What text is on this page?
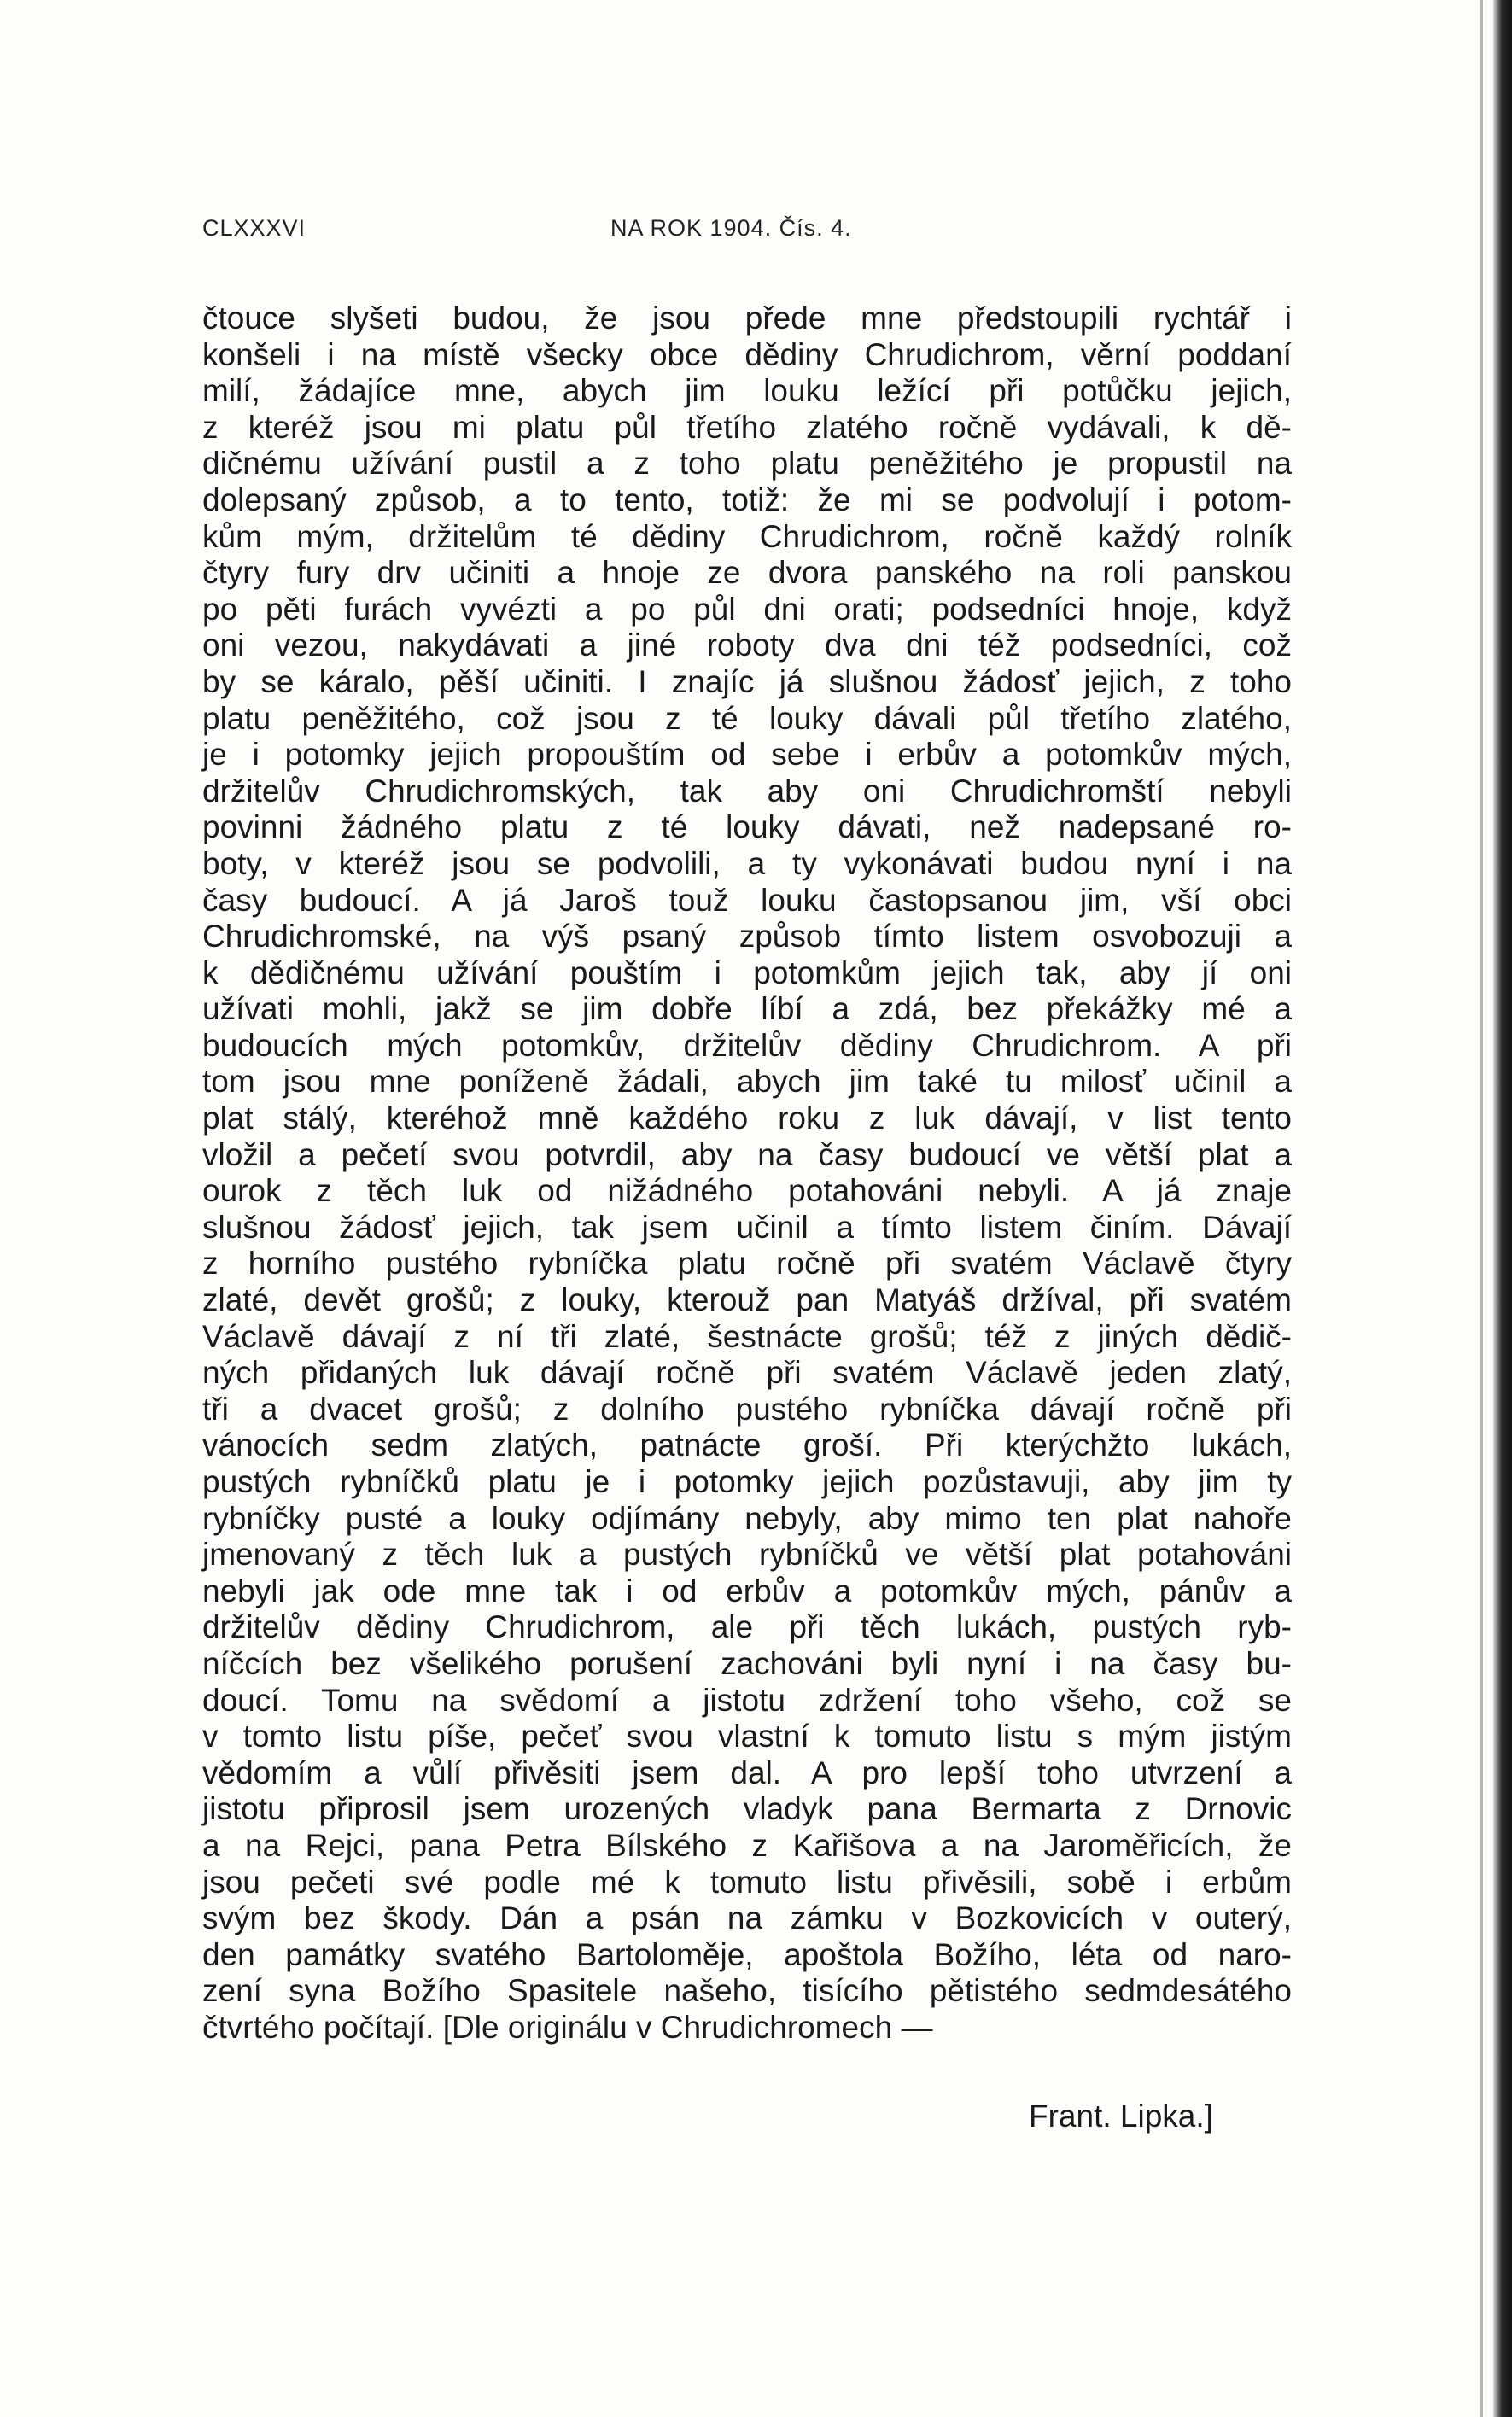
CLXXXVI	NA ROK 1904. Čís. 4.
čtouce slyšeti budou, že jsou přede mne předstoupili rychtář i
konšeli i na místě všecky obce dědiny Chrudichrom, věrní poddaní
milí, žádajíce mne, abych jim louku ležící při potůčku jejich,
z kteréž jsou mi platu půl třetího zlatého ročně vydávali, k dě-
dičnému užívání pustil a z toho platu peněžitého je propustil na
dolepsaný způsob, a to tento, totiž: že mi se podvolují i potom-
kům mým, držitelům té dědiny Chrudichrom, ročně každý rolník
čtyry fury drv učiniti a hnoje ze dvora panského na roli panskou
po pěti furách vyvézti a po půl dni orati; podsedníci hnoje, když
oni vezou, nakydávati a jiné roboty dva dni též podsedníci, což
by se káralo, pěší učiniti. I znajíc já slušnou žádosť jejich, z toho
platu peněžitého, což jsou z té louky dávali půl třetího zlatého,
je i potomky jejich propouštím od sebe i erbův a potomkův mých,
držitelův Chrudichromských, tak aby oni Chrudichromští nebyli
povinni žádného platu z té louky dávati, než nadepsané ro-
boty, v kteréž jsou se podvolili, a ty vykonávati budou nyní i na
časy budoucí. A já Jaroš touž louku častopsanou jim, vší obci
Chrudichromské, na výš psaný způsob tímto listem osvobozuji a
k dědičnému užívání pouštím i potomkům jejich tak, aby jí oni
užívati mohli, jakž se jim dobře líbí a zdá, bez překážky mé a
budoucích mých potomkův, držitelův dědiny Chrudichrom. A při
tom jsou mne poníženě žádali, abych jim také tu milosť učinil a
plat stálý, kteréhož mně každého roku z luk dávají, v list tento
vložil a pečetí svou potvrdil, aby na časy budoucí ve větší plat a
ourok z těch luk od nižádného potahováni nebyli. A já znaje
slušnou žádosť jejich, tak jsem učinil a tímto listem činím. Dávají
z horního pustého rybníčka platu ročně při svatém Václavě čtyry
zlaté, devět grošů; z louky, kterouž pan Matyáš držíval, při svatém
Václavě dávají z ní tři zlaté, šestnácte grošů; též z jiných dědič-
ných přidaných luk dávají ročně při svatém Václavě jeden zlatý,
tři a dvacet grošů; z dolního pustého rybníčka dávají ročně při
vánocích sedm zlatých, patnácte groší. Při kterýchžto lukách,
pustých rybníčků platu je i potomky jejich pozůstavuji, aby jim ty
rybníčky pusté a louky odjímány nebyly, aby mimo ten plat nahoře
jmenovaný z těch luk a pustých rybníčků ve větší plat potahováni
nebyli jak ode mne tak i od erbův a potomkův mých, pánův a
držitelův dědiny Chrudichrom, ale při těch lukách, pustých ryb-
níčcích bez všelikého porušení zachováni byli nyní i na časy bu-
doucí. Tomu na svědomí a jistotu zdržení toho všeho, což se
v tomto listu píše, pečeť svou vlastní k tomuto listu s mým jistým
vědomím a vůlí přivěsiti jsem dal. A pro lepší toho utvrzení a
jistotu připrosil jsem urozených vladyk pana Bermarta z Drnovic
a na Rejci, pana Petra Bílského z Kařišova a na Jaroměřicích, že
jsou pečeti své podle mé k tomuto listu přivěsili, sobě i erbům
svým bez škody. Dán a psán na zámku v Bozkovicích v outerý,
den památky svatého Bartoloměje, apoštola Božího, léta od naro-
zení syna Božího Spasitele našeho, tisícího pětistého sedmdesátého
čtvrtého počítají. [Dle originálu v Chrudichromech —
Frant. Lipka.]
